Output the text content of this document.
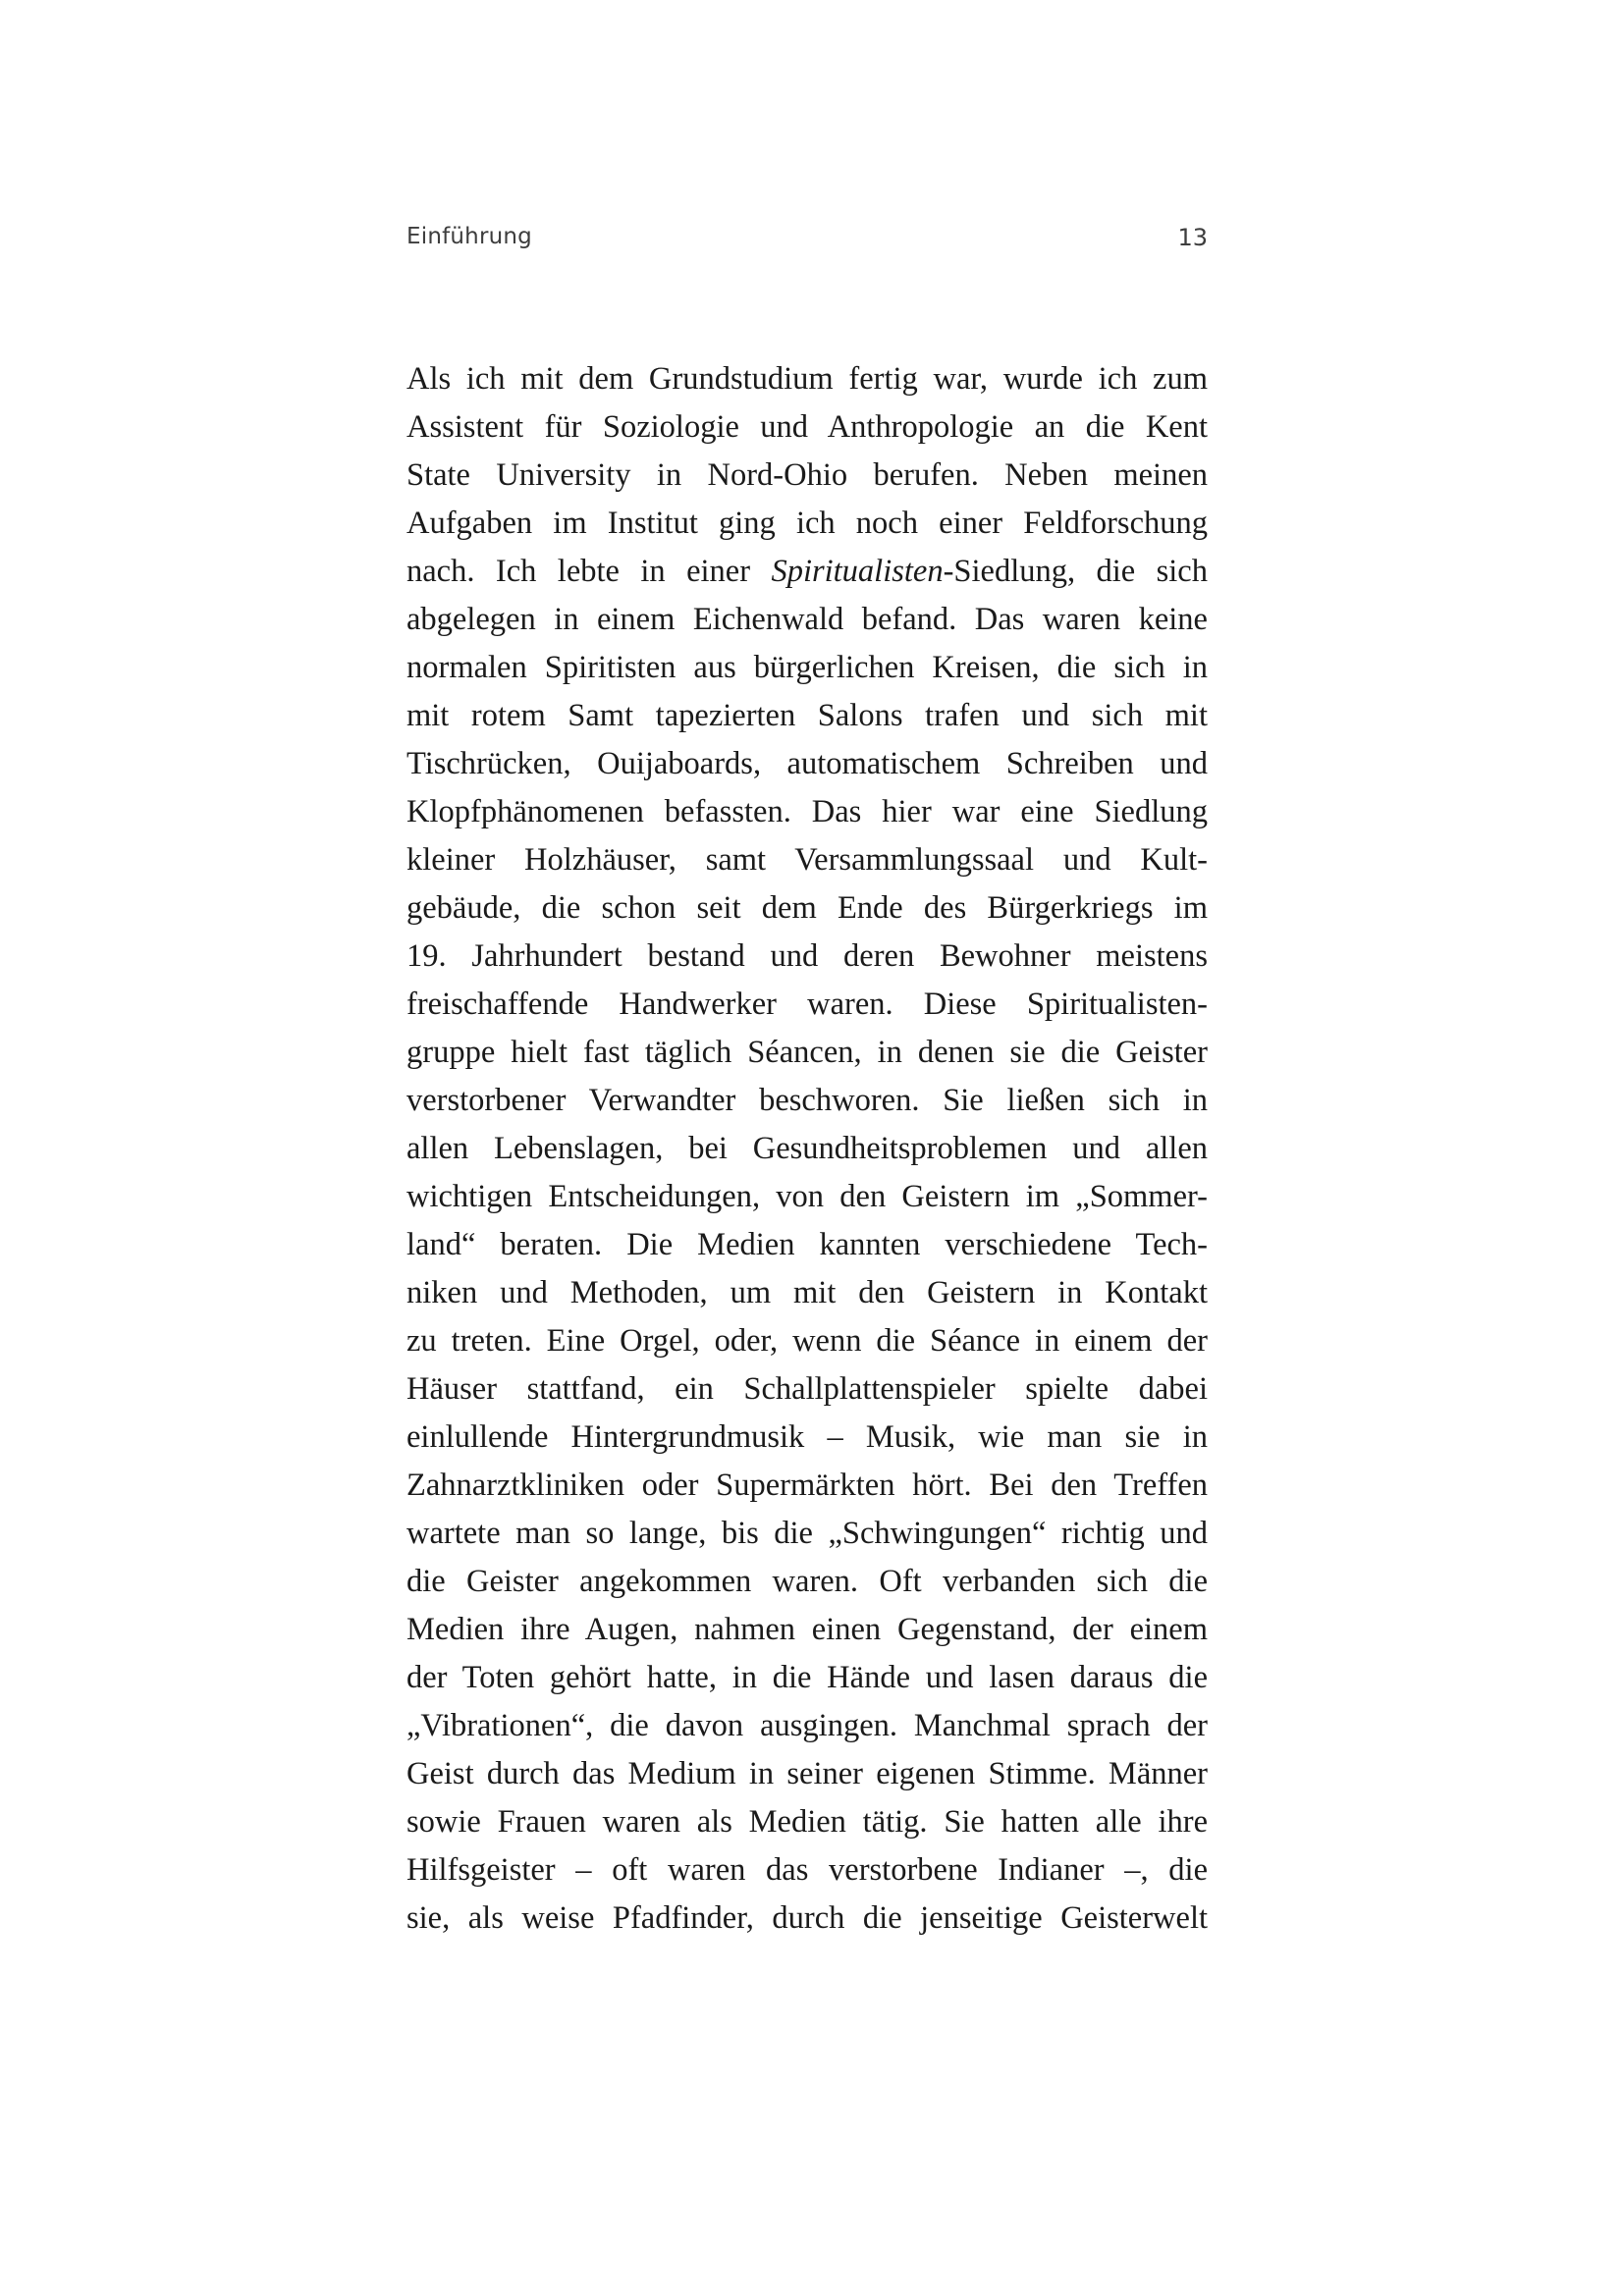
Einführung	13
Als ich mit dem Grundstudium fertig war, wurde ich zum
Assistent für Soziologie und Anthropologie an die Kent
State University in Nord-Ohio berufen. Neben meinen
Aufgaben im Institut ging ich noch einer Feldforschung
nach. Ich lebte in einer Spiritualisten-Siedlung, die sich
abgelegen in einem Eichenwald befand. Das waren keine
normalen Spiritisten aus bürgerlichen Kreisen, die sich in
mit rotem Samt tapezierten Salons trafen und sich mit
Tischrücken, Ouijaboards, automatischem Schreiben und
Klopfphänomenen befassten. Das hier war eine Siedlung
kleiner Holzhäuser, samt Versammlungssaal und Kult-
gebäude, die schon seit dem Ende des Bürgerkriegs im
19. Jahrhundert bestand und deren Bewohner meistens
freischaffende Handwerker waren. Diese Spiritualisten-
gruppe hielt fast täglich Séancen, in denen sie die Geister
verstorbener Verwandter beschworen. Sie ließen sich in
allen Lebenslagen, bei Gesundheitsproblemen und allen
wichtigen Entscheidungen, von den Geistern im „Sommer-
land“ beraten. Die Medien kannten verschiedene Tech-
niken und Methoden, um mit den Geistern in Kontakt
zu treten. Eine Orgel, oder, wenn die Séance in einem der
Häuser stattfand, ein Schallplattenspieler spielte dabei
einlullende Hintergrundmusik – Musik, wie man sie in
Zahnarztkliniken oder Supermärkten hört. Bei den Treffen
wartete man so lange, bis die „Schwingungen“ richtig und
die Geister angekommen waren. Oft verbanden sich die
Medien ihre Augen, nahmen einen Gegenstand, der einem
der Toten gehört hatte, in die Hände und lasen daraus die
„Vibrationen“, die davon ausgingen. Manchmal sprach der
Geist durch das Medium in seiner eigenen Stimme. Männer
sowie Frauen waren als Medien tätig. Sie hatten alle ihre
Hilfsgeister – oft waren das verstorbene Indianer –, die
sie, als weise Pfadfinder, durch die jenseitige Geisterwelt
